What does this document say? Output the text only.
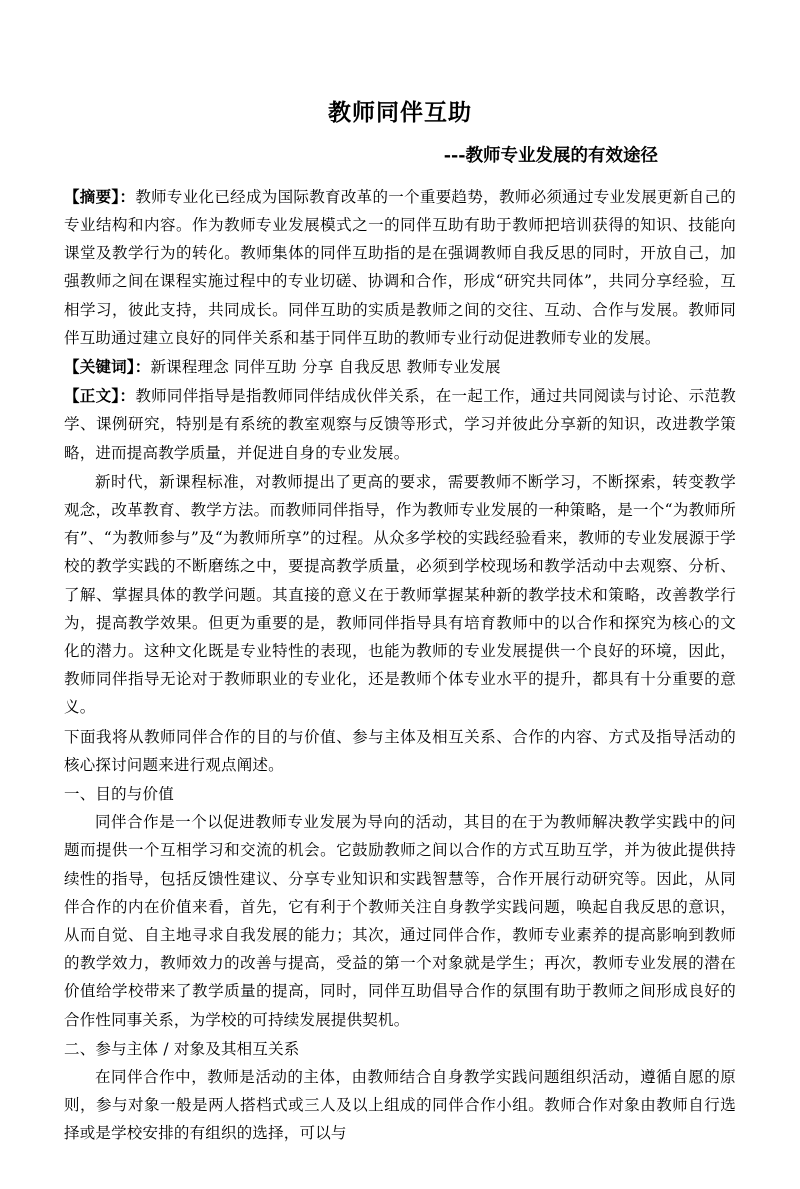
教师同伴互助
---教师专业发展的有效途径

【摘要】：教师专业化已经成为国际教育改革的一个重要趋势，教师必须通过专业发展更新自己的专业结构和内容。作为教师专业发展模式之一的同伴互助有助于教师把培训获得的知识、技能向课堂及教学行为的转化。教师集体的同伴互助指的是在强调教师自我反思的同时，开放自己，加强教师之间在课程实施过程中的专业切磋、协调和合作，形成“研究共同体”，共同分享经验，互相学习，彼此支持，共同成长。同伴互助的实质是教师之间的交往、互动、合作与发展。教师同伴互助通过建立良好的同伴关系和基于同伴互助的教师专业行动促进教师专业的发展。

【关键词】：新课程理念 同伴互助 分享 自我反思 教师专业发展

【正文】：教师同伴指导是指教师同伴结成伙伴关系，在一起工作，通过共同阅读与讨论、示范教学、课例研究，特别是有系统的教室观察与反馈等形式，学习并彼此分享新的知识，改进教学策略，进而提高教学质量，并促进自身的专业发展。

新时代，新课程标准，对教师提出了更高的要求，需要教师不断学习，不断探索，转变教学观念，改革教育、教学方法。而教师同伴指导，作为教师专业发展的一种策略，是一个“为教师所有”、“为教师参与”及“为教师所享”的过程。从众多学校的实践经验看来，教师的专业发展源于学校的教学实践的不断磨练之中，要提高教学质量，必须到学校现场和教学活动中去观察、分析、了解、掌握具体的教学问题。其直接的意义在于教师掌握某种新的教学技术和策略，改善教学行为，提高教学效果。但更为重要的是，教师同伴指导具有培育教师中的以合作和探究为核心的文化的潜力。这种文化既是专业特性的表现，也能为教师的专业发展提供一个良好的环境，因此，教师同伴指导无论对于教师职业的专业化，还是教师个体专业水平的提升，都具有十分重要的意义。

下面我将从教师同伴合作的目的与价值、参与主体及相互关系、合作的内容、方式及指导活动的核心探讨问题来进行观点阐述。

一、目的与价值

同伴合作是一个以促进教师专业发展为导向的活动，其目的在于为教师解决教学实践中的问题而提供一个互相学习和交流的机会。它鼓励教师之间以合作的方式互助互学，并为彼此提供持续性的指导，包括反馈性建议、分享专业知识和实践智慧等，合作开展行动研究等。因此，从同伴合作的内在价值来看，首先，它有利于个教师关注自身教学实践问题，唤起自我反思的意识，从而自觉、自主地寻求自我发展的能力；其次，通过同伴合作，教师专业素养的提高影响到教师的教学效力，教师效力的改善与提高，受益的第一个对象就是学生；再次，教师专业发展的潜在价值给学校带来了教学质量的提高，同时，同伴互助倡导合作的氛围有助于教师之间形成良好的合作性同事关系，为学校的可持续发展提供契机。

二、参与主体 / 对象及其相互关系

在同伴合作中，教师是活动的主体，由教师结合自身教学实践问题组织活动，遵循自愿的原则，参与对象一般是两人搭档式或三人及以上组成的同伴合作小组。教师合作对象由教师自行选择或是学校安排的有组织的选择，可以与
